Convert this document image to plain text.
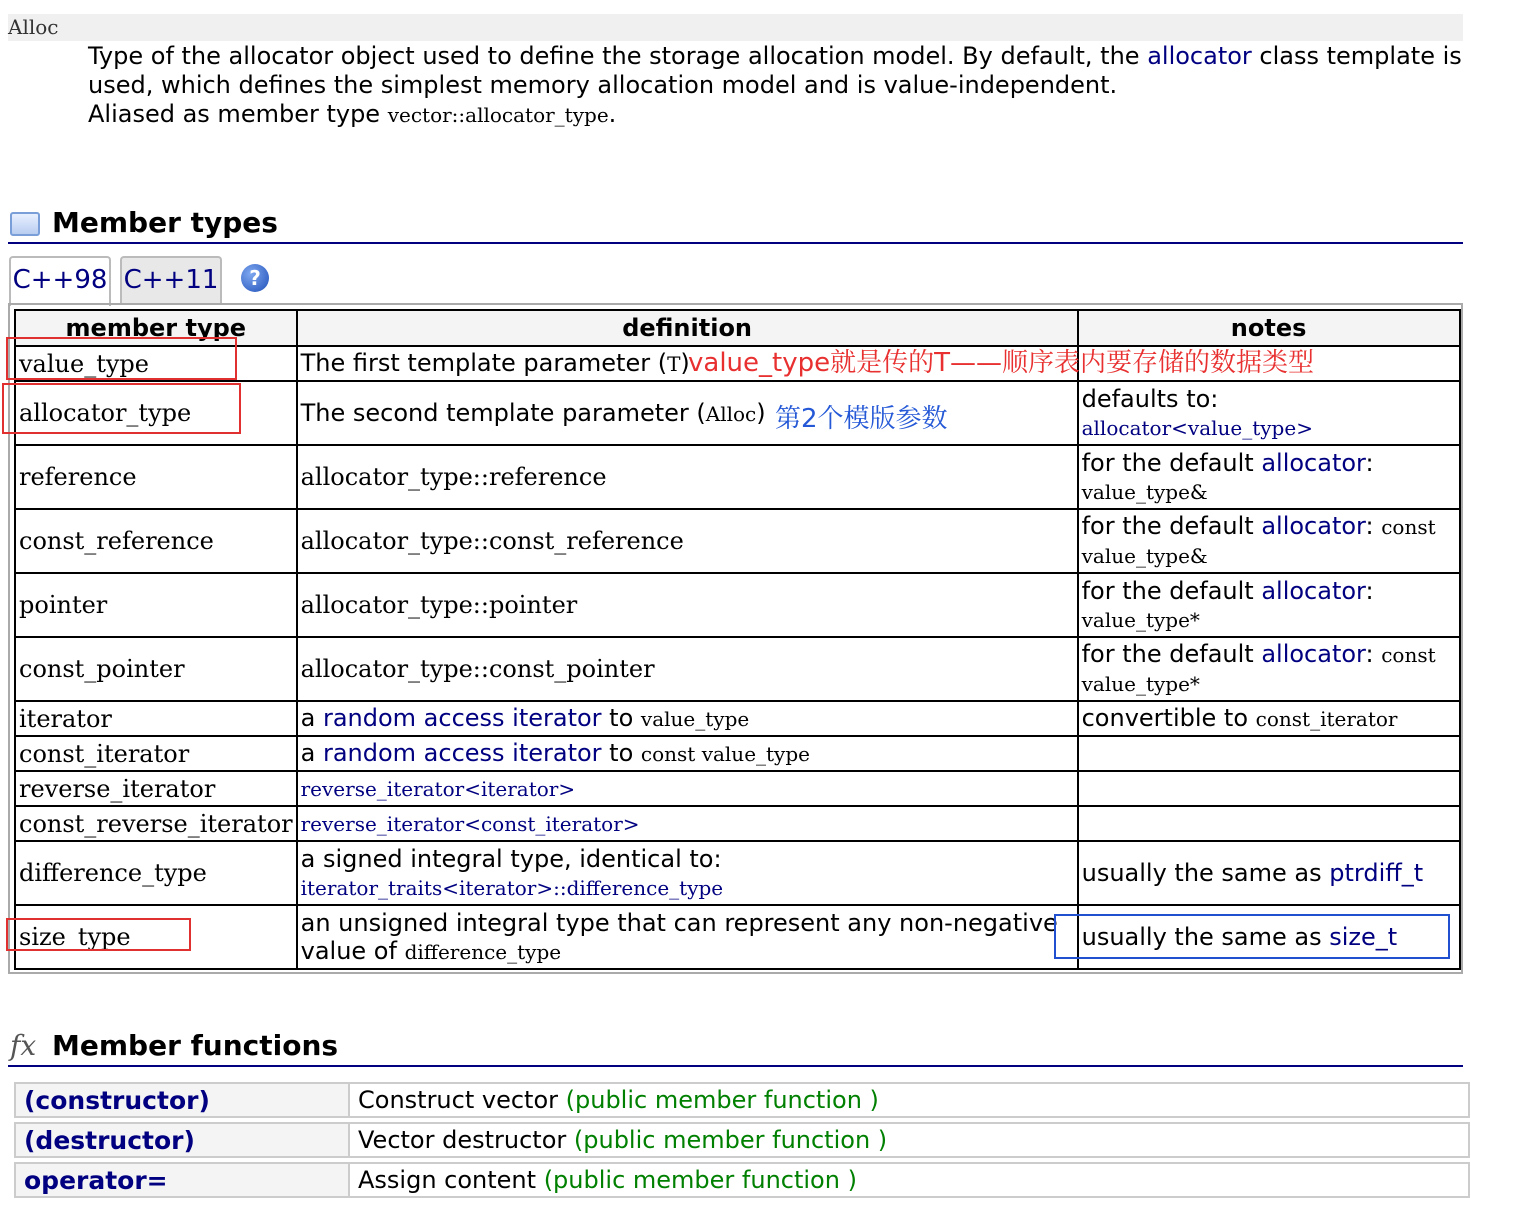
Alloc
Type of the allocator object used to define the storage allocation model. By default, the allocator class template is used, which defines the simplest memory allocation model and is value-independent.
Aliased as member type vector::allocator_type.
Member types
C++98 C++11	?
member type	definition	notes
value_type	The first template parameter (T)	
allocator_type	The second template parameter (Alloc)	defaults to:
allocator<value_type>
reference	allocator_type::reference	for the default allocator:
value_type&
const_reference	allocator_type::const_reference	for the default allocator: const
value_type&
pointer	allocator_type::pointer	for the default allocator:
value_type*
const_pointer	allocator_type::const_pointer	for the default allocator: const
value_type*
iterator	a random access iterator to value_type	convertible to const_iterator
const_iterator	a random access iterator to const value_type	
reverse_iterator	reverse_iterator<iterator>	
const_reverse_iterator	reverse_iterator<const_iterator>	
difference_type	a signed integral type, identical to:
iterator_traits<iterator>::difference_type	usually the same as ptrdiff_t
size_type	an unsigned integral type that can represent any non-negative value of difference_type	usually the same as size_t
value_type就是传的T——顺序表内要存储的数据类型
第2个模版参数
fx Member functions
(constructor)	Construct vector (public member function )
(destructor)	Vector destructor (public member function )
operator=	Assign content (public member function )
